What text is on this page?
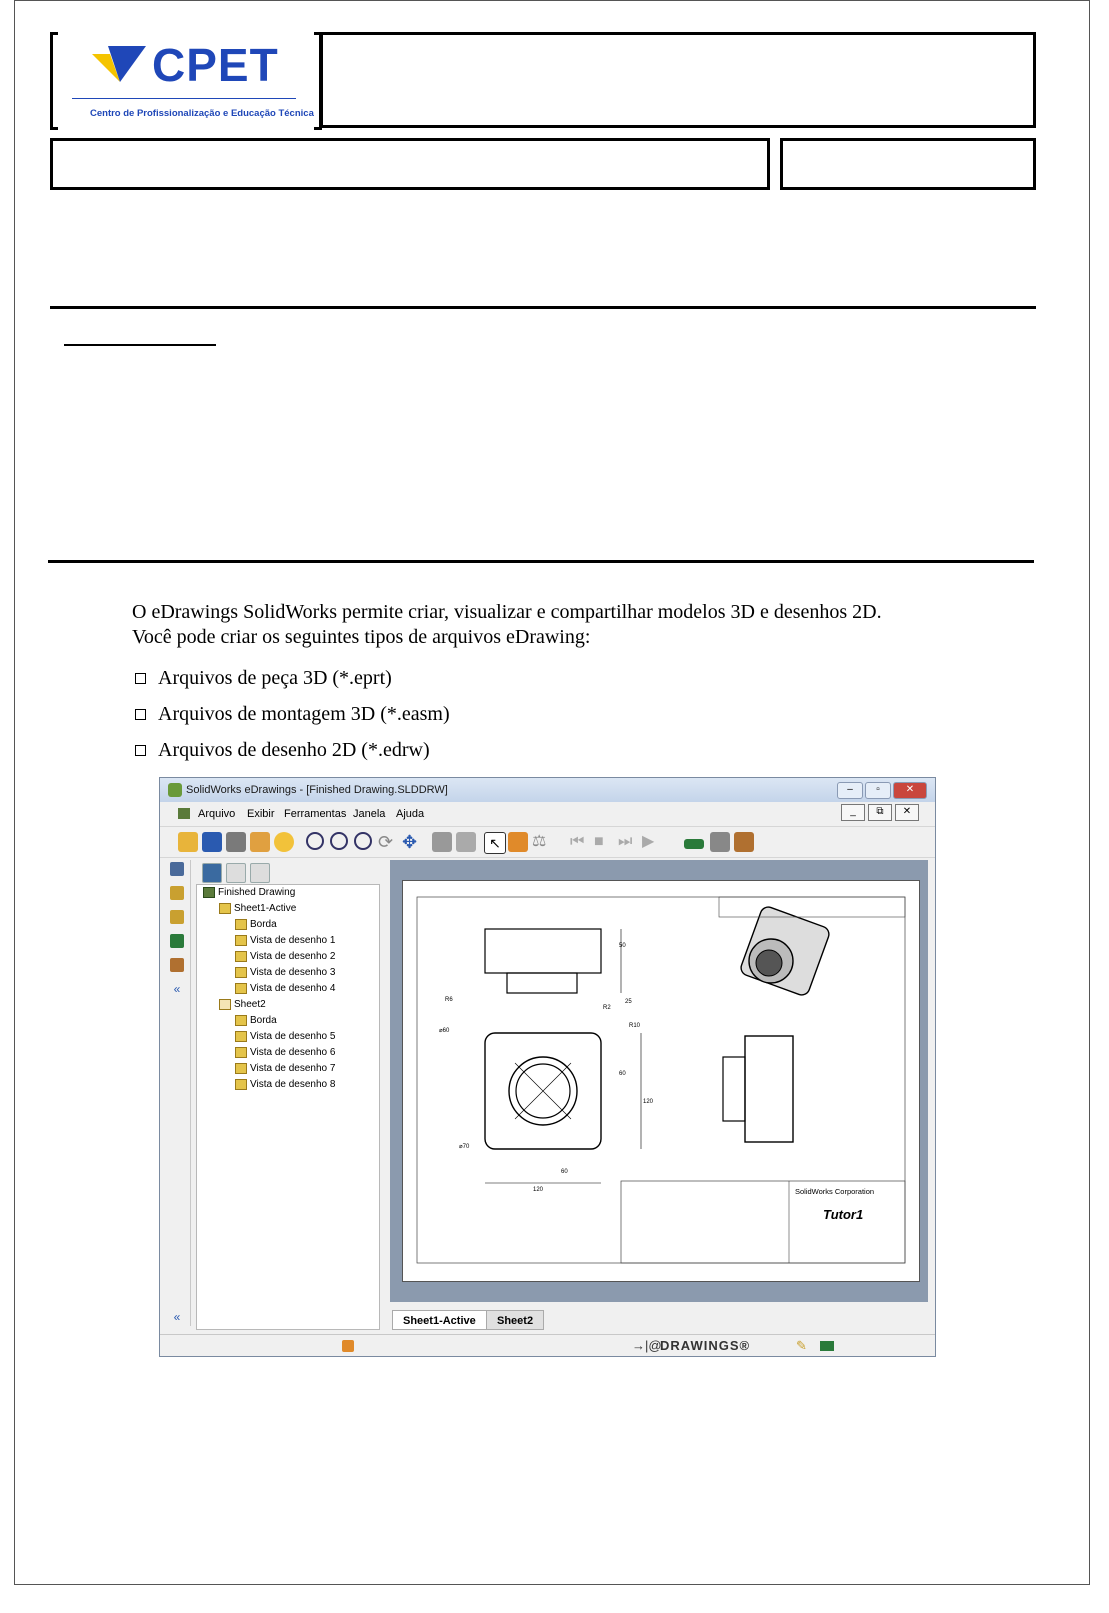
CPET
Centro de Profissionalização e Educação Técnica
O eDrawings SolidWorks permite criar, visualizar e compartilhar modelos 3D e desenhos 2D. Você pode criar os seguintes tipos de arquivos eDrawing:
Arquivos de peça 3D (*.eprt)
Arquivos de montagem 3D (*.easm)
Arquivos de desenho 2D (*.edrw)
SolidWorks eDrawings - [Finished Drawing.SLDDRW]	–	▫	✕
Arquivo Exibir Ferramentas Janela Ajuda	_	⧉	✕
⟳ ✥	↖	⚖	⏮ ■ ⏭ ▶
«
«
Finished Drawing
Sheet1-Active
Borda
Vista de desenho 1
Vista de desenho 2
Vista de desenho 3
Vista de desenho 4
Sheet2
Borda
Vista de desenho 5
Vista de desenho 6
Vista de desenho 7
Vista de desenho 8
50
25
R6
R2
⌀60
R10
60
120
⌀70
60
120	SolidWorks Corporation
Tutor1
Sheet1-Active	Sheet2
→|@
DRAWINGS®	✎
